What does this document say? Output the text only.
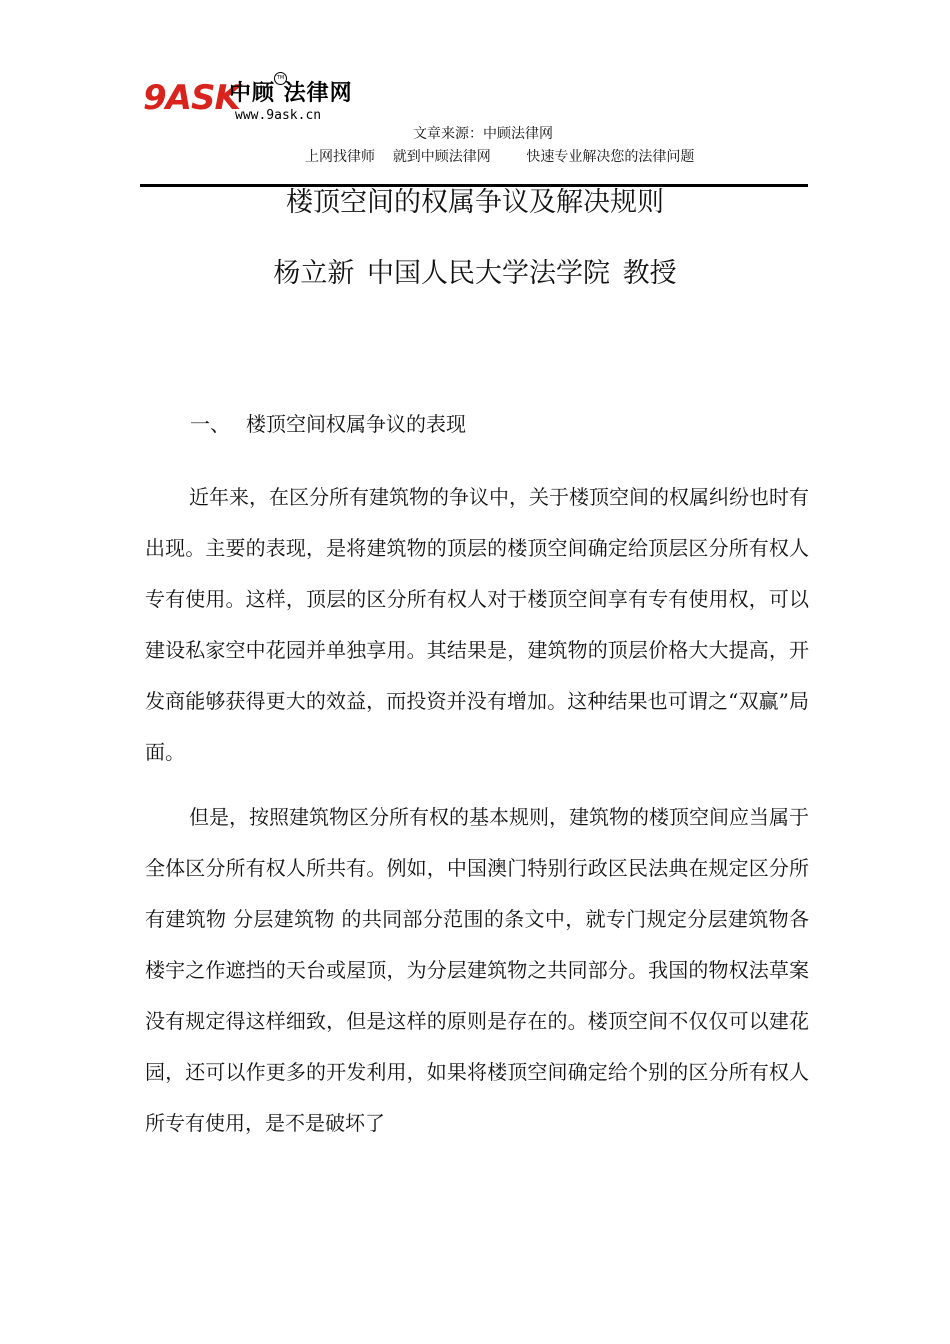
9ASK
中顾 法律网
TM
www.9ask.cn
文章来源：中顾法律网
上网找律师 就到中顾法律网	快速专业解决您的法律问题
楼顶空间的权属争议及解决规则
杨立新 中国人民大学法学院 教授
一、 楼顶空间权属争议的表现
近年来，在区分所有建筑物的争议中，关于楼顶空间的权属纠纷也时有出现。主要的表现，是将建筑物的顶层的楼顶空间确定给顶层区分所有权人专有使用。这样，顶层的区分所有权人对于楼顶空间享有专有使用权，可以建设私家空中花园并单独享用。其结果是，建筑物的顶层价格大大提高，开发商能够获得更大的效益，而投资并没有增加。这种结果也可谓之“双赢”局面。
但是，按照建筑物区分所有权的基本规则，建筑物的楼顶空间应当属于全体区分所有权人所共有。例如，中国澳门特别行政区民法典在规定区分所有建筑物 分层建筑物 的共同部分范围的条文中，就专门规定分层建筑物各楼宇之作遮挡的天台或屋顶，为分层建筑物之共同部分。我国的物权法草案没有规定得这样细致，但是这样的原则是存在的。楼顶空间不仅仅可以建花园，还可以作更多的开发利用，如果将楼顶空间确定给个别的区分所有权人所专有使用，是不是破坏了
